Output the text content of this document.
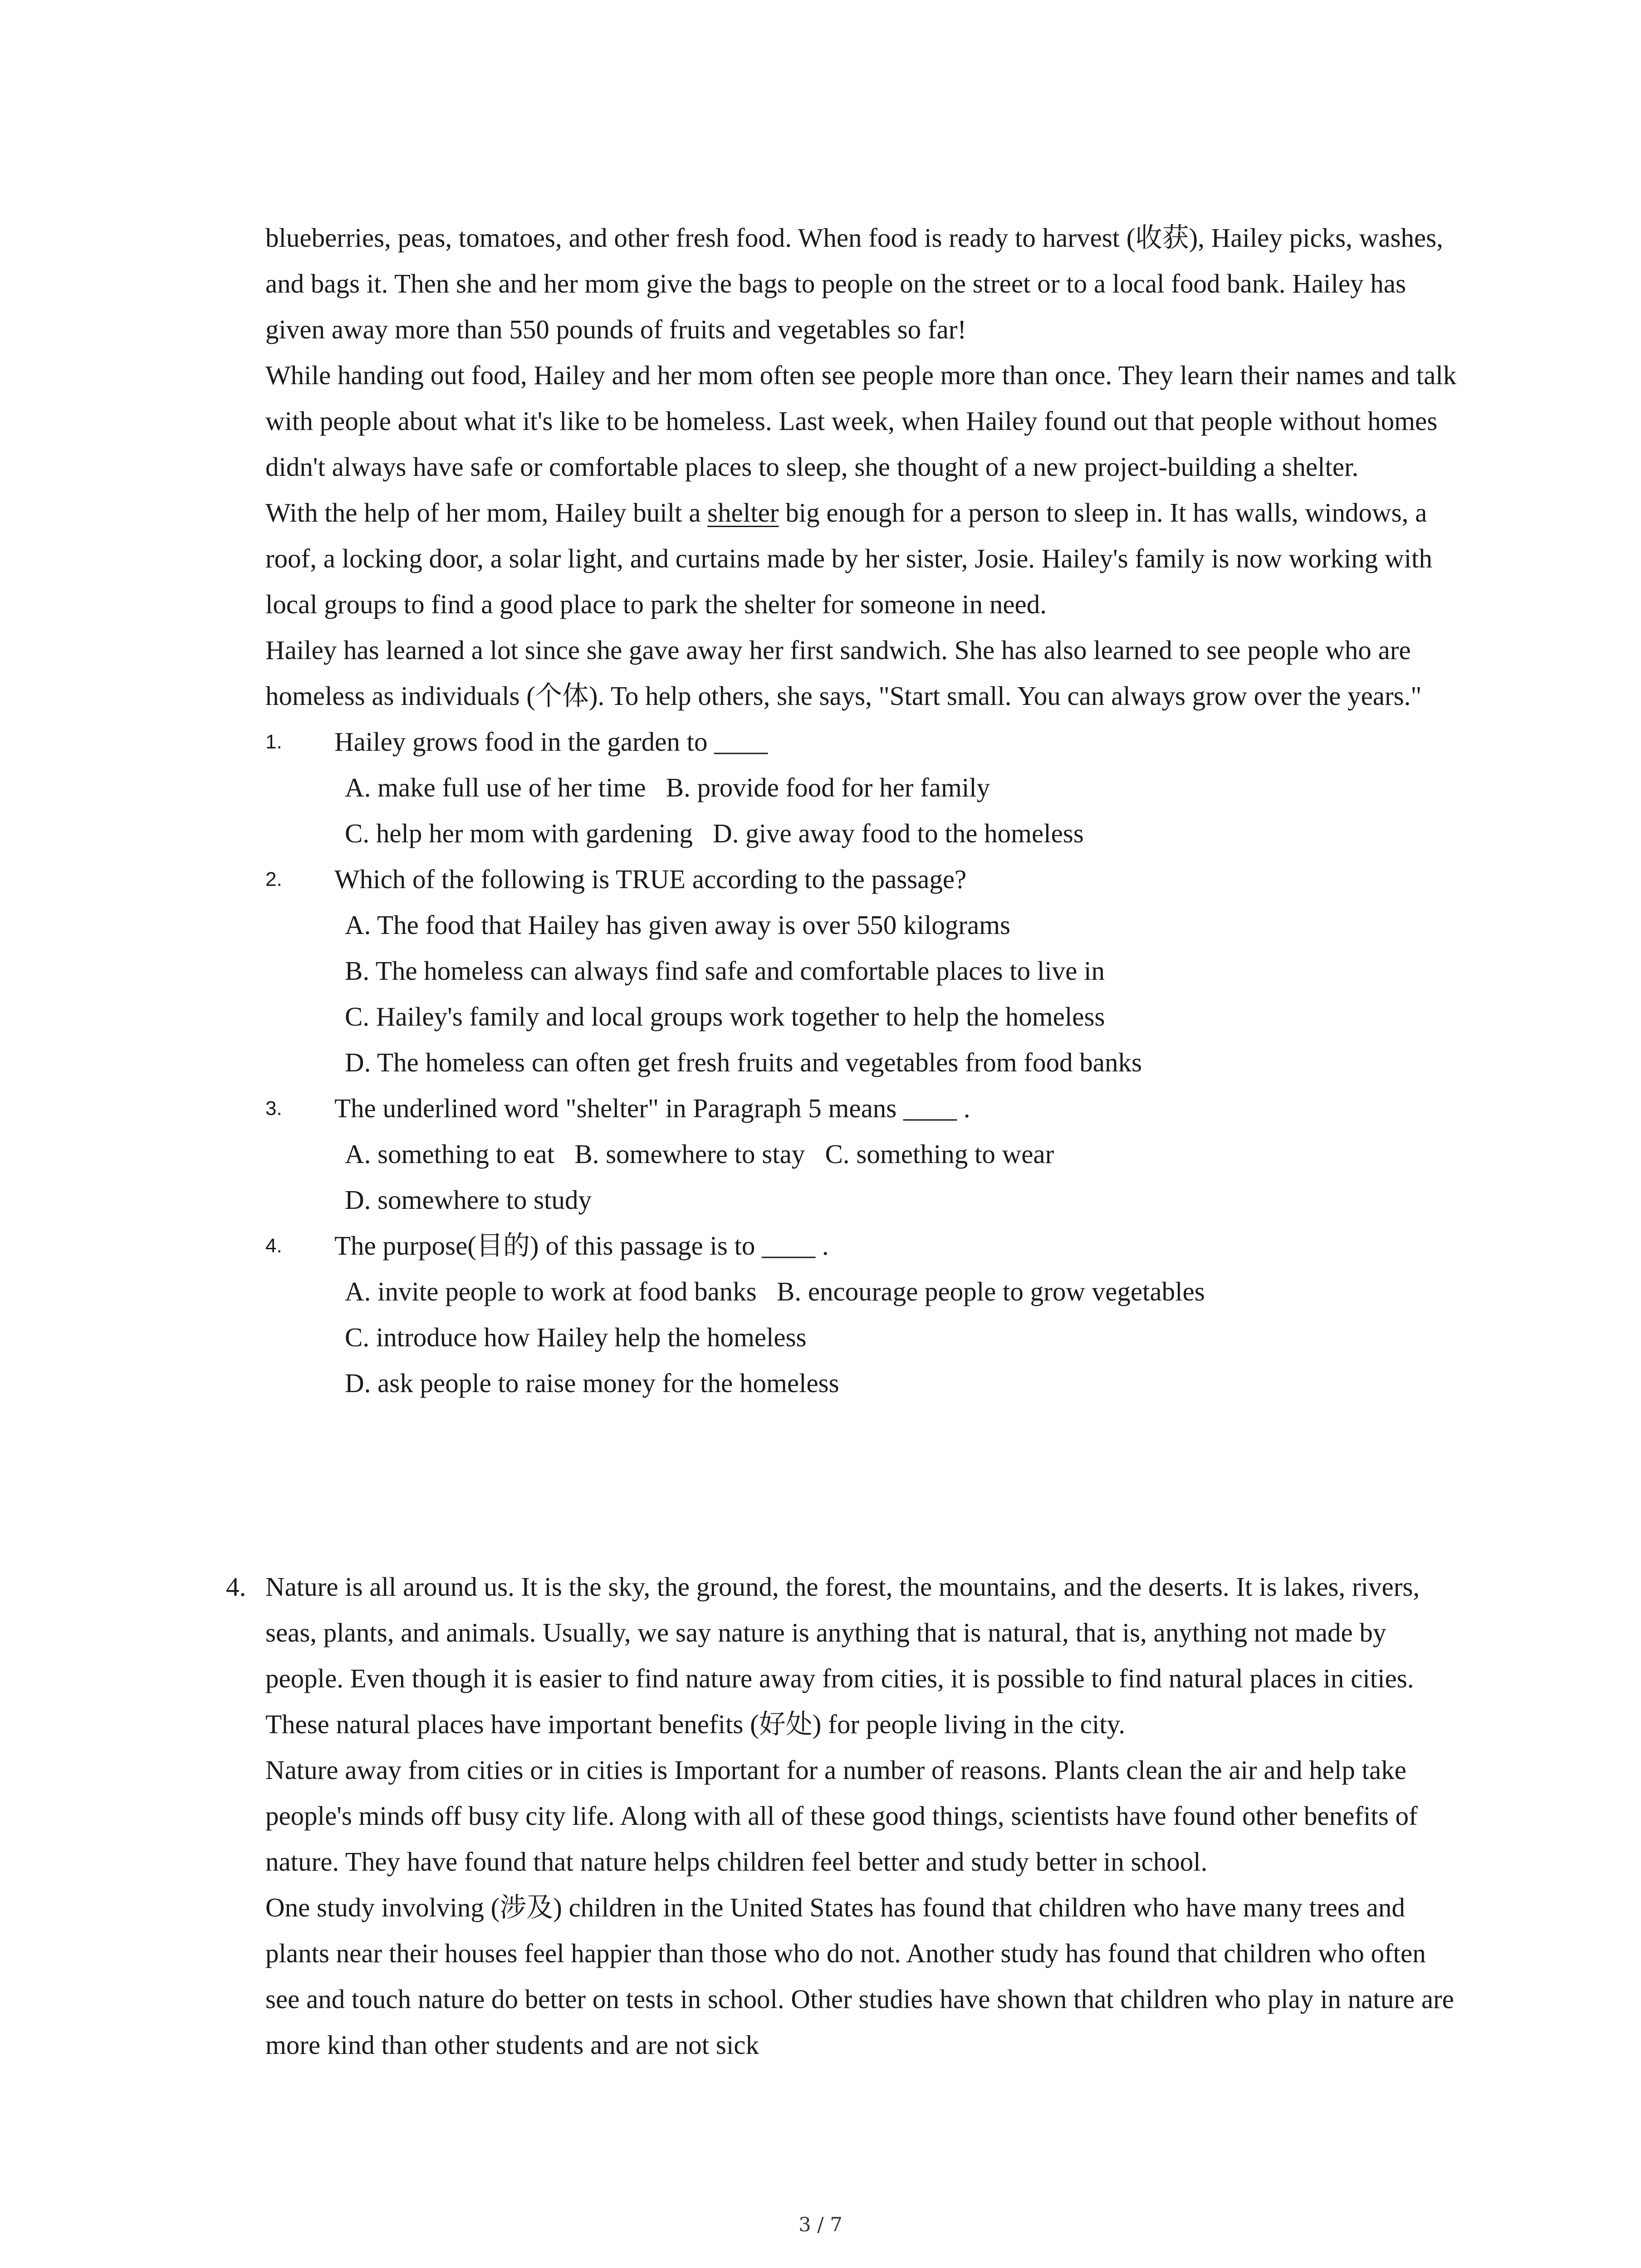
blueberries, peas, tomatoes, and other fresh food. When food is ready to harvest (收获), Hailey picks, washes, and bags it. Then she and her mom give the bags to people on the street or to a local food bank. Hailey has given away more than 550 pounds of fruits and vegetables so far!

While handing out food, Hailey and her mom often see people more than once. They learn their names and talk with people about what it's like to be homeless. Last week, when Hailey found out that people without homes didn't always have safe or comfortable places to sleep, she thought of a new project-building a shelter.

With the help of her mom, Hailey built a shelter big enough for a person to sleep in. It has walls, windows, a roof, a locking door, a solar light, and curtains made by her sister, Josie. Hailey's family is now working with local groups to find a good place to park the shelter for someone in need.

Hailey has learned a lot since she gave away her first sandwich. She has also learned to see people who are homeless as individuals (个体). To help others, she says, "Start small. You can always grow over the years."

1.	Hailey grows food in the garden to ____

A. make full use of her time   B. provide food for her family

C. help her mom with gardening   D. give away food to the homeless

2.	Which of the following is TRUE according to the passage?

A. The food that Hailey has given away is over 550 kilograms

B. The homeless can always find safe and comfortable places to live in

C. Hailey's family and local groups work together to help the homeless

D. The homeless can often get fresh fruits and vegetables from food banks

3.	The underlined word "shelter" in Paragraph 5 means ____ .

A. something to eat   B. somewhere to stay   C. something to wear

D. somewhere to study

4.	The purpose(目的) of this passage is to ____ .

A. invite people to work at food banks   B. encourage people to grow vegetables

C. introduce how Hailey help the homeless

D. ask people to raise money for the homeless

4. Nature is all around us. It is the sky, the ground, the forest, the mountains, and the deserts. It is lakes, rivers, seas, plants, and animals. Usually, we say nature is anything that is natural, that is, anything not made by people. Even though it is easier to find nature away from cities, it is possible to find natural places in cities. These natural places have important benefits (好处) for people living in the city.

Nature away from cities or in cities is Important for a number of reasons. Plants clean the air and help take people's minds off busy city life. Along with all of these good things, scientists have found other benefits of nature. They have found that nature helps children feel better and study better in school.

One study involving (涉及) children in the United States has found that children who have many trees and plants near their houses feel happier than those who do not. Another study has found that children who often see and touch nature do better on tests in school. Other studies have shown that children who play in nature are more kind than other students and are not sick

3 / 7
